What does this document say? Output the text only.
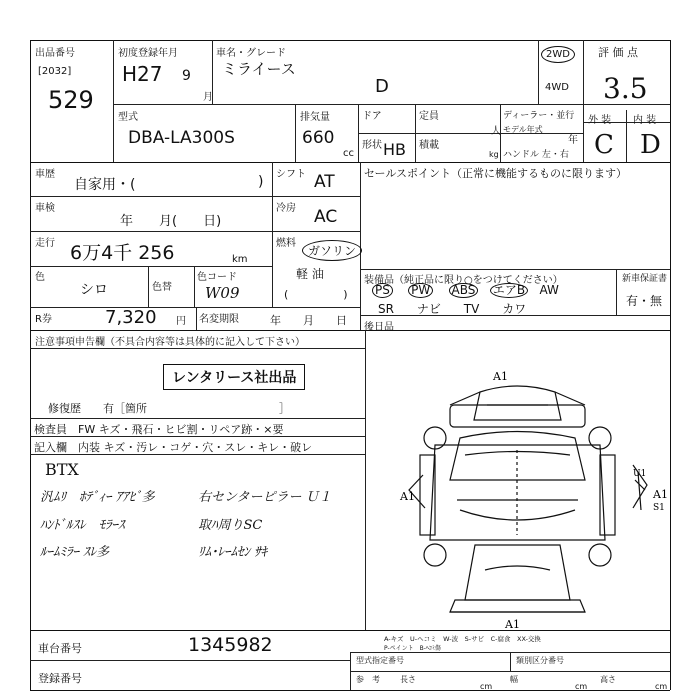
出品番号
[2032]
529
初度登録年月
H27 9
月
車名・グレード
ミライース
D
2WD
4WD
評 価 点
3.5
外 装 内 装
C D
型式
DBA-LA300S
排気量
660
cc
ドア	定員
人
形状 HB 積載
kg
ディーラー・並行
モデル年式
年
ハンドル 左・右
車歴
自家用・(	) シフト AT
車検
年　　月(　　日)
冷房 AC
走行 6万4千 256	km
燃料
ガソリン
軽 油
(　　　　　)
色
シロ	色替
色コード
W09
R券	7,320 円 名変期限	年　　月　　日
セールスポイント（正常に機能するものに限ります）
装備品（純正品に限り○をつけてください）
PS PW ABS エアB AW
SR ナビ TV カワ
新車保証書
有・無
後日品
注意事項申告欄（不具合内容等は具体的に記入して下さい）
レンタリース社出品
修復歴　　有［箇所　　　　　　　　　　　　］
検査員 FW キズ・飛石・ヒビ割・リペア跡・×要
記入欄 内装 キズ・汚レ・コゲ・穴・スレ・キレ・破レ
BTX
汎ﾑﾘ　ﾎﾃﾞｨｰ ｱｱﾋﾞ多	右センターピラー Ｕ１
ﾊﾝﾄﾞﾙｽﾚ　ﾓﾗｰｽ	取ﾊ周りSC
ﾙｰﾑﾐﾗｰ ｽﾚ多	ﾘﾑ･ﾚｰﾑｾﾝ ｻｷ
A1
A1	A1
U1
S1
A1
A-キズ　U-ヘコミ　W-波　S-サビ　C-腐食　XX-交換
P-ペイント　B-ﾍｺﾐ傷
車台番号	1345982
登録番号
型式指定番号	類別区分番号
参　考	長さ
cm
幅
cm
高さ
cm
